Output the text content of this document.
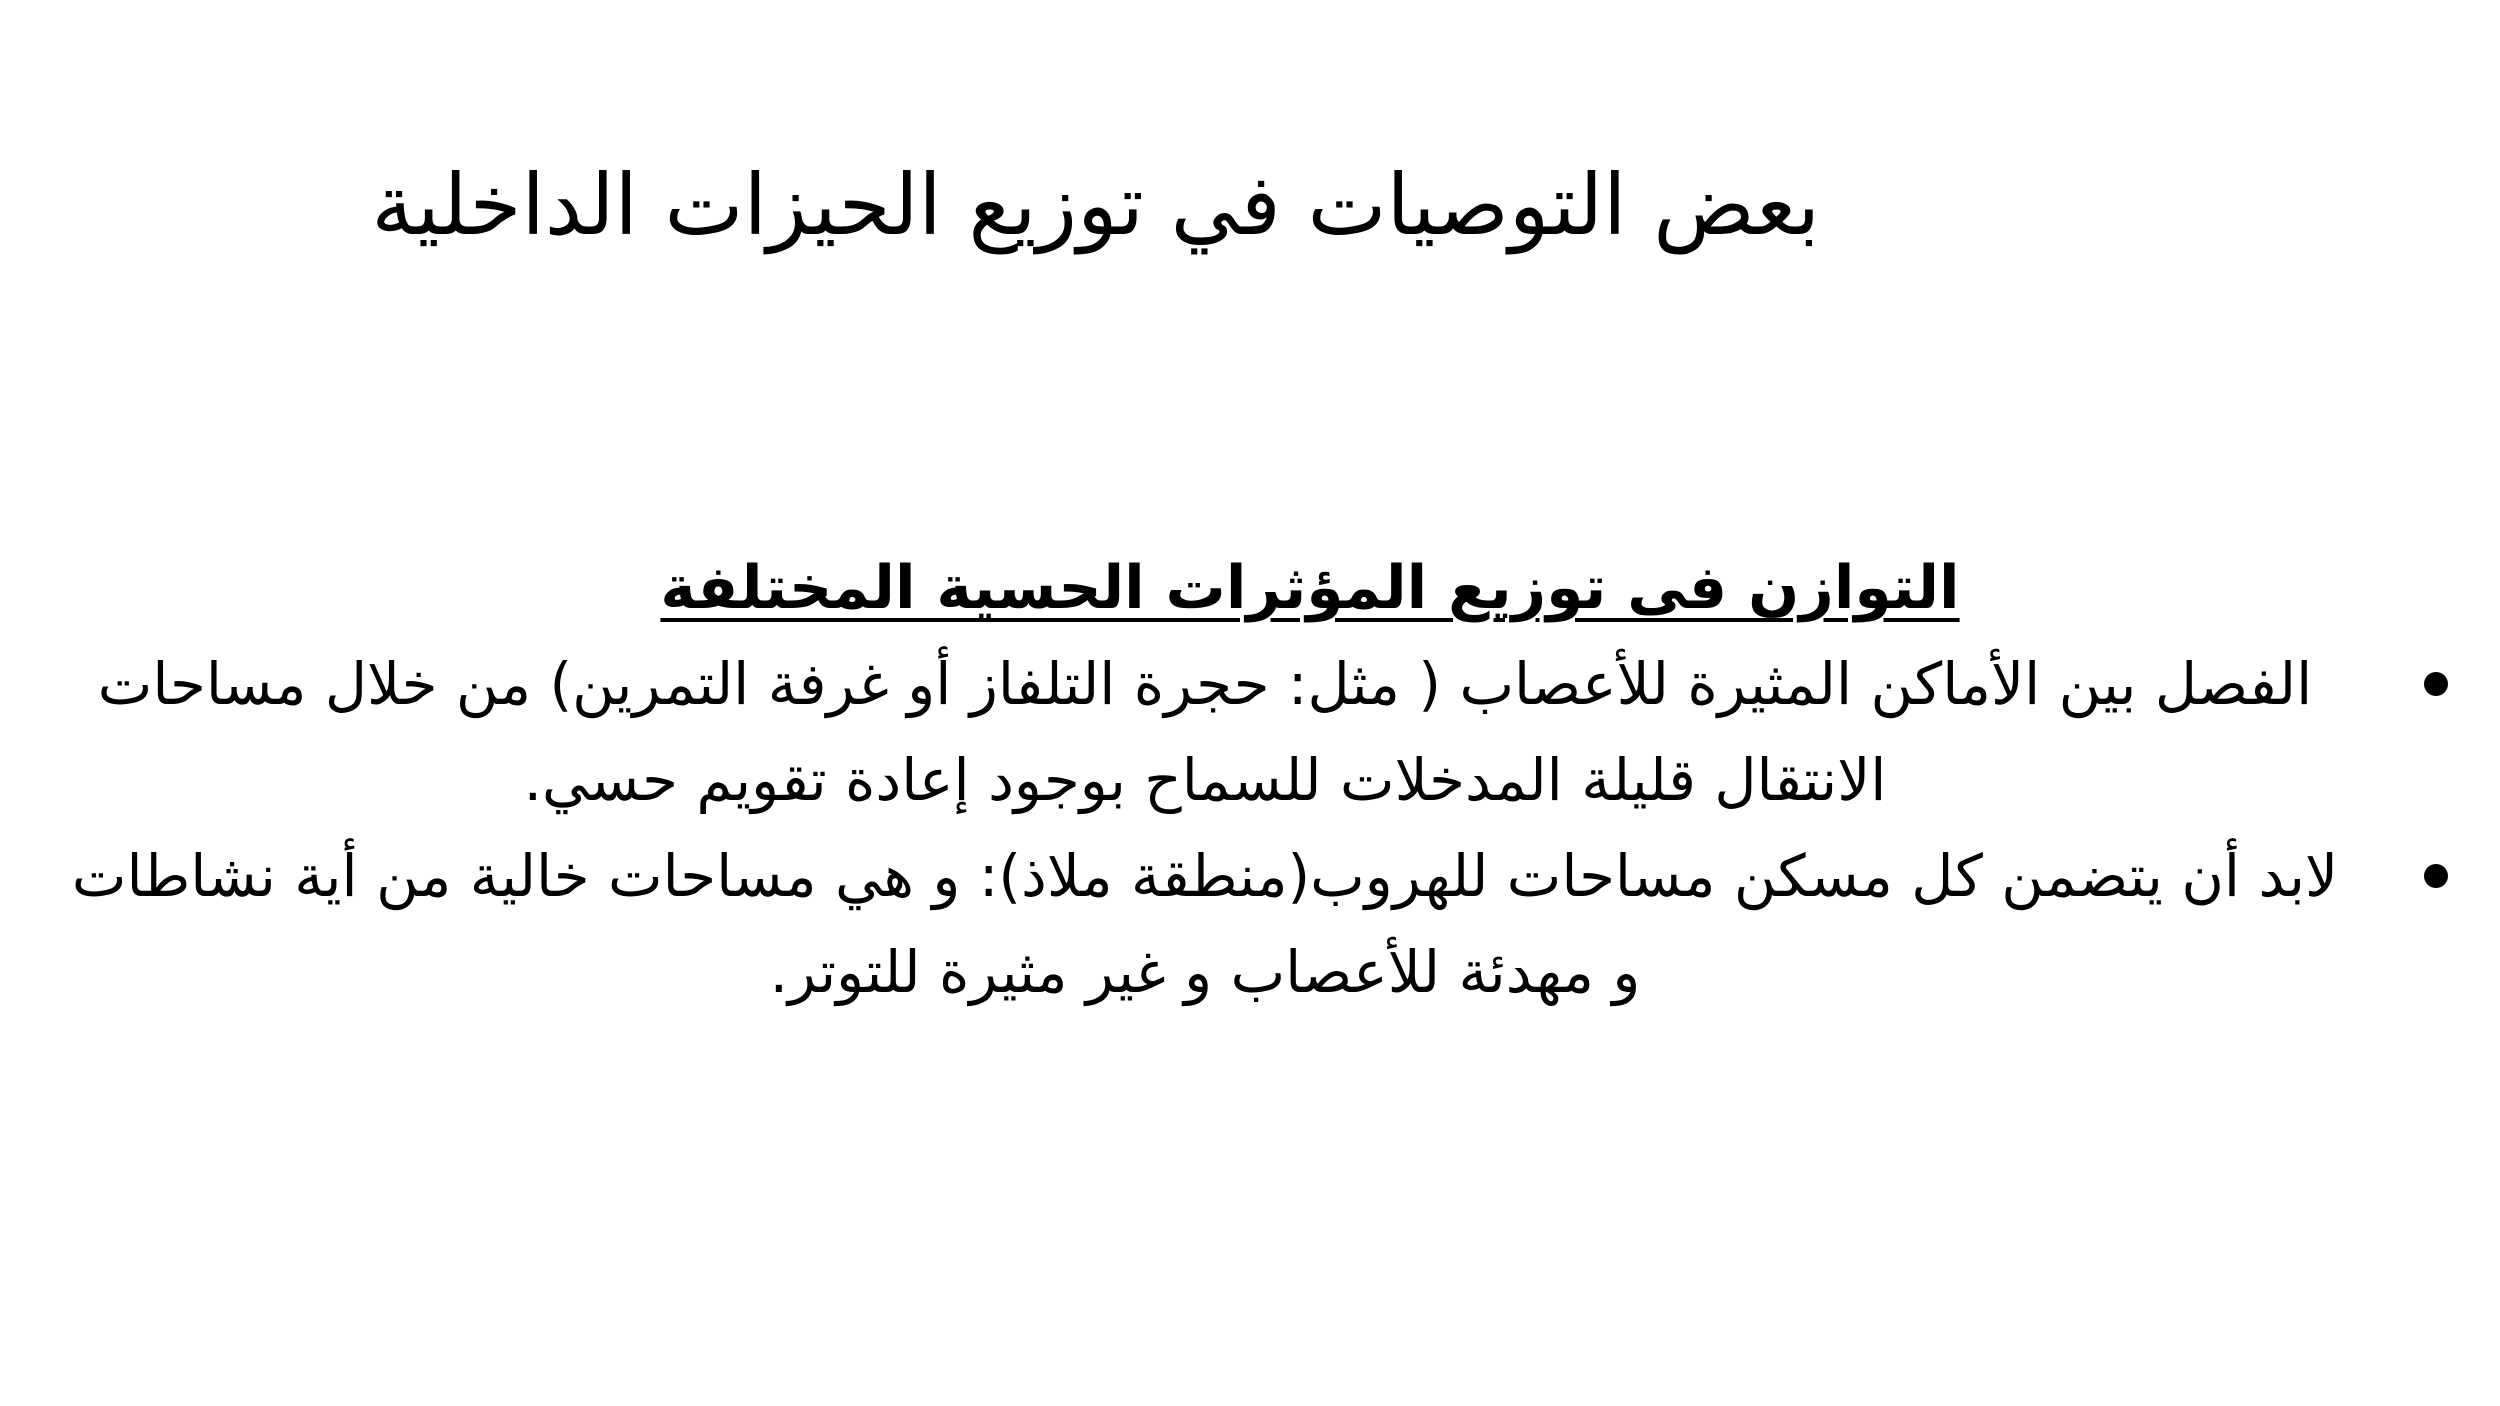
بعض التوصيات في توزيع الحيزات الداخلية

التوازن فى توزيع المؤثرات الحسية المختلفة

الفصل بين الأماكن المثيرة للأعصاب ( مثل: حجرة التلفاز أو غرفة التمرين) من خلال مساحات الانتقال قليلة المدخلات للسماح بوجود إعادة تقويم حسي.
لابد أن يتضمن كل مسكن مساحات للهروب(منطقة ملاذ): و هي مساحات خالية من أية نشاطات و مهدئة للأعصاب و غير مثيرة للتوتر.
